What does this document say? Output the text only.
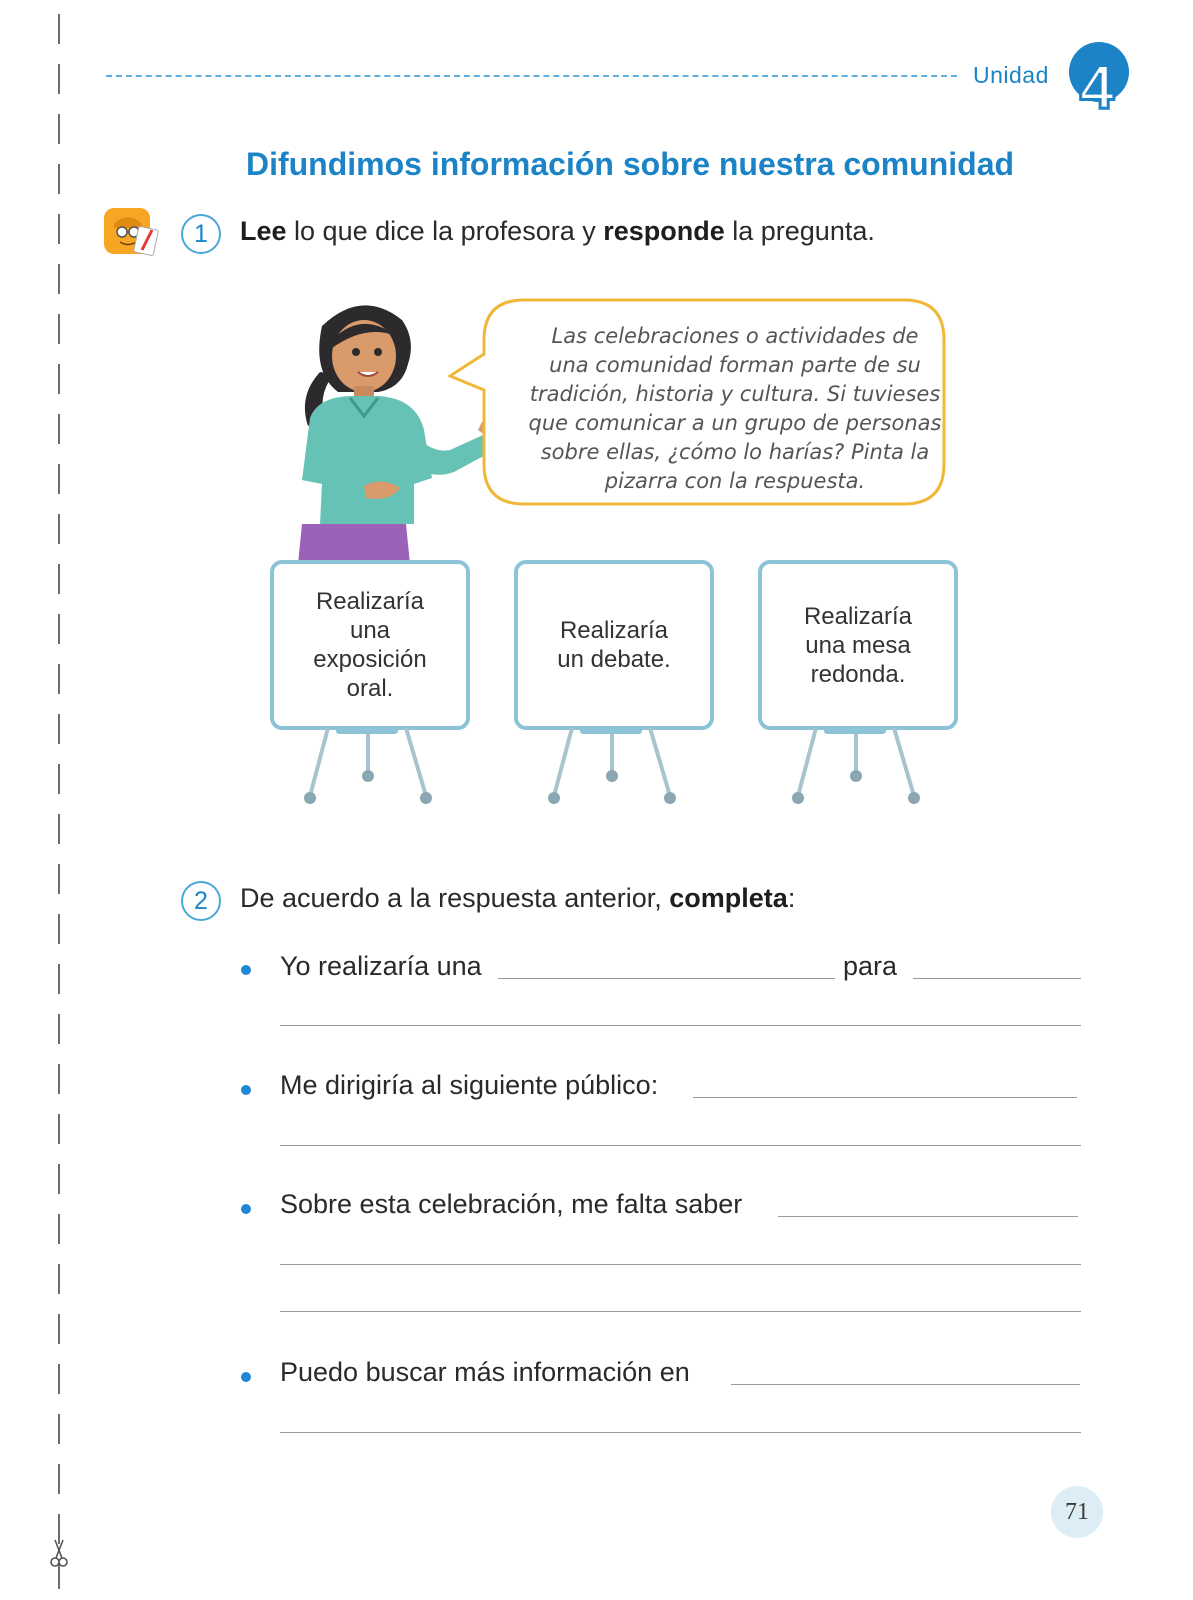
Unidad 4
Difundimos información sobre nuestra comunidad
1	Lee lo que dice la profesora y responde la pregunta.
Las celebraciones o actividades de
una comunidad forman parte de su
tradición, historia y cultura. Si tuvieses
que comunicar a un grupo de personas
sobre ellas, ¿cómo lo harías? Pinta la
pizarra con la respuesta.
Realizaría
una
exposición
oral.
Realizaría
un debate.
Realizaría
una mesa
redonda.
2	De acuerdo a la respuesta anterior, completa:
Yo realizaría una	para
Me dirigiría al siguiente público:
Sobre esta celebración, me falta saber
Puedo buscar más información en
71
